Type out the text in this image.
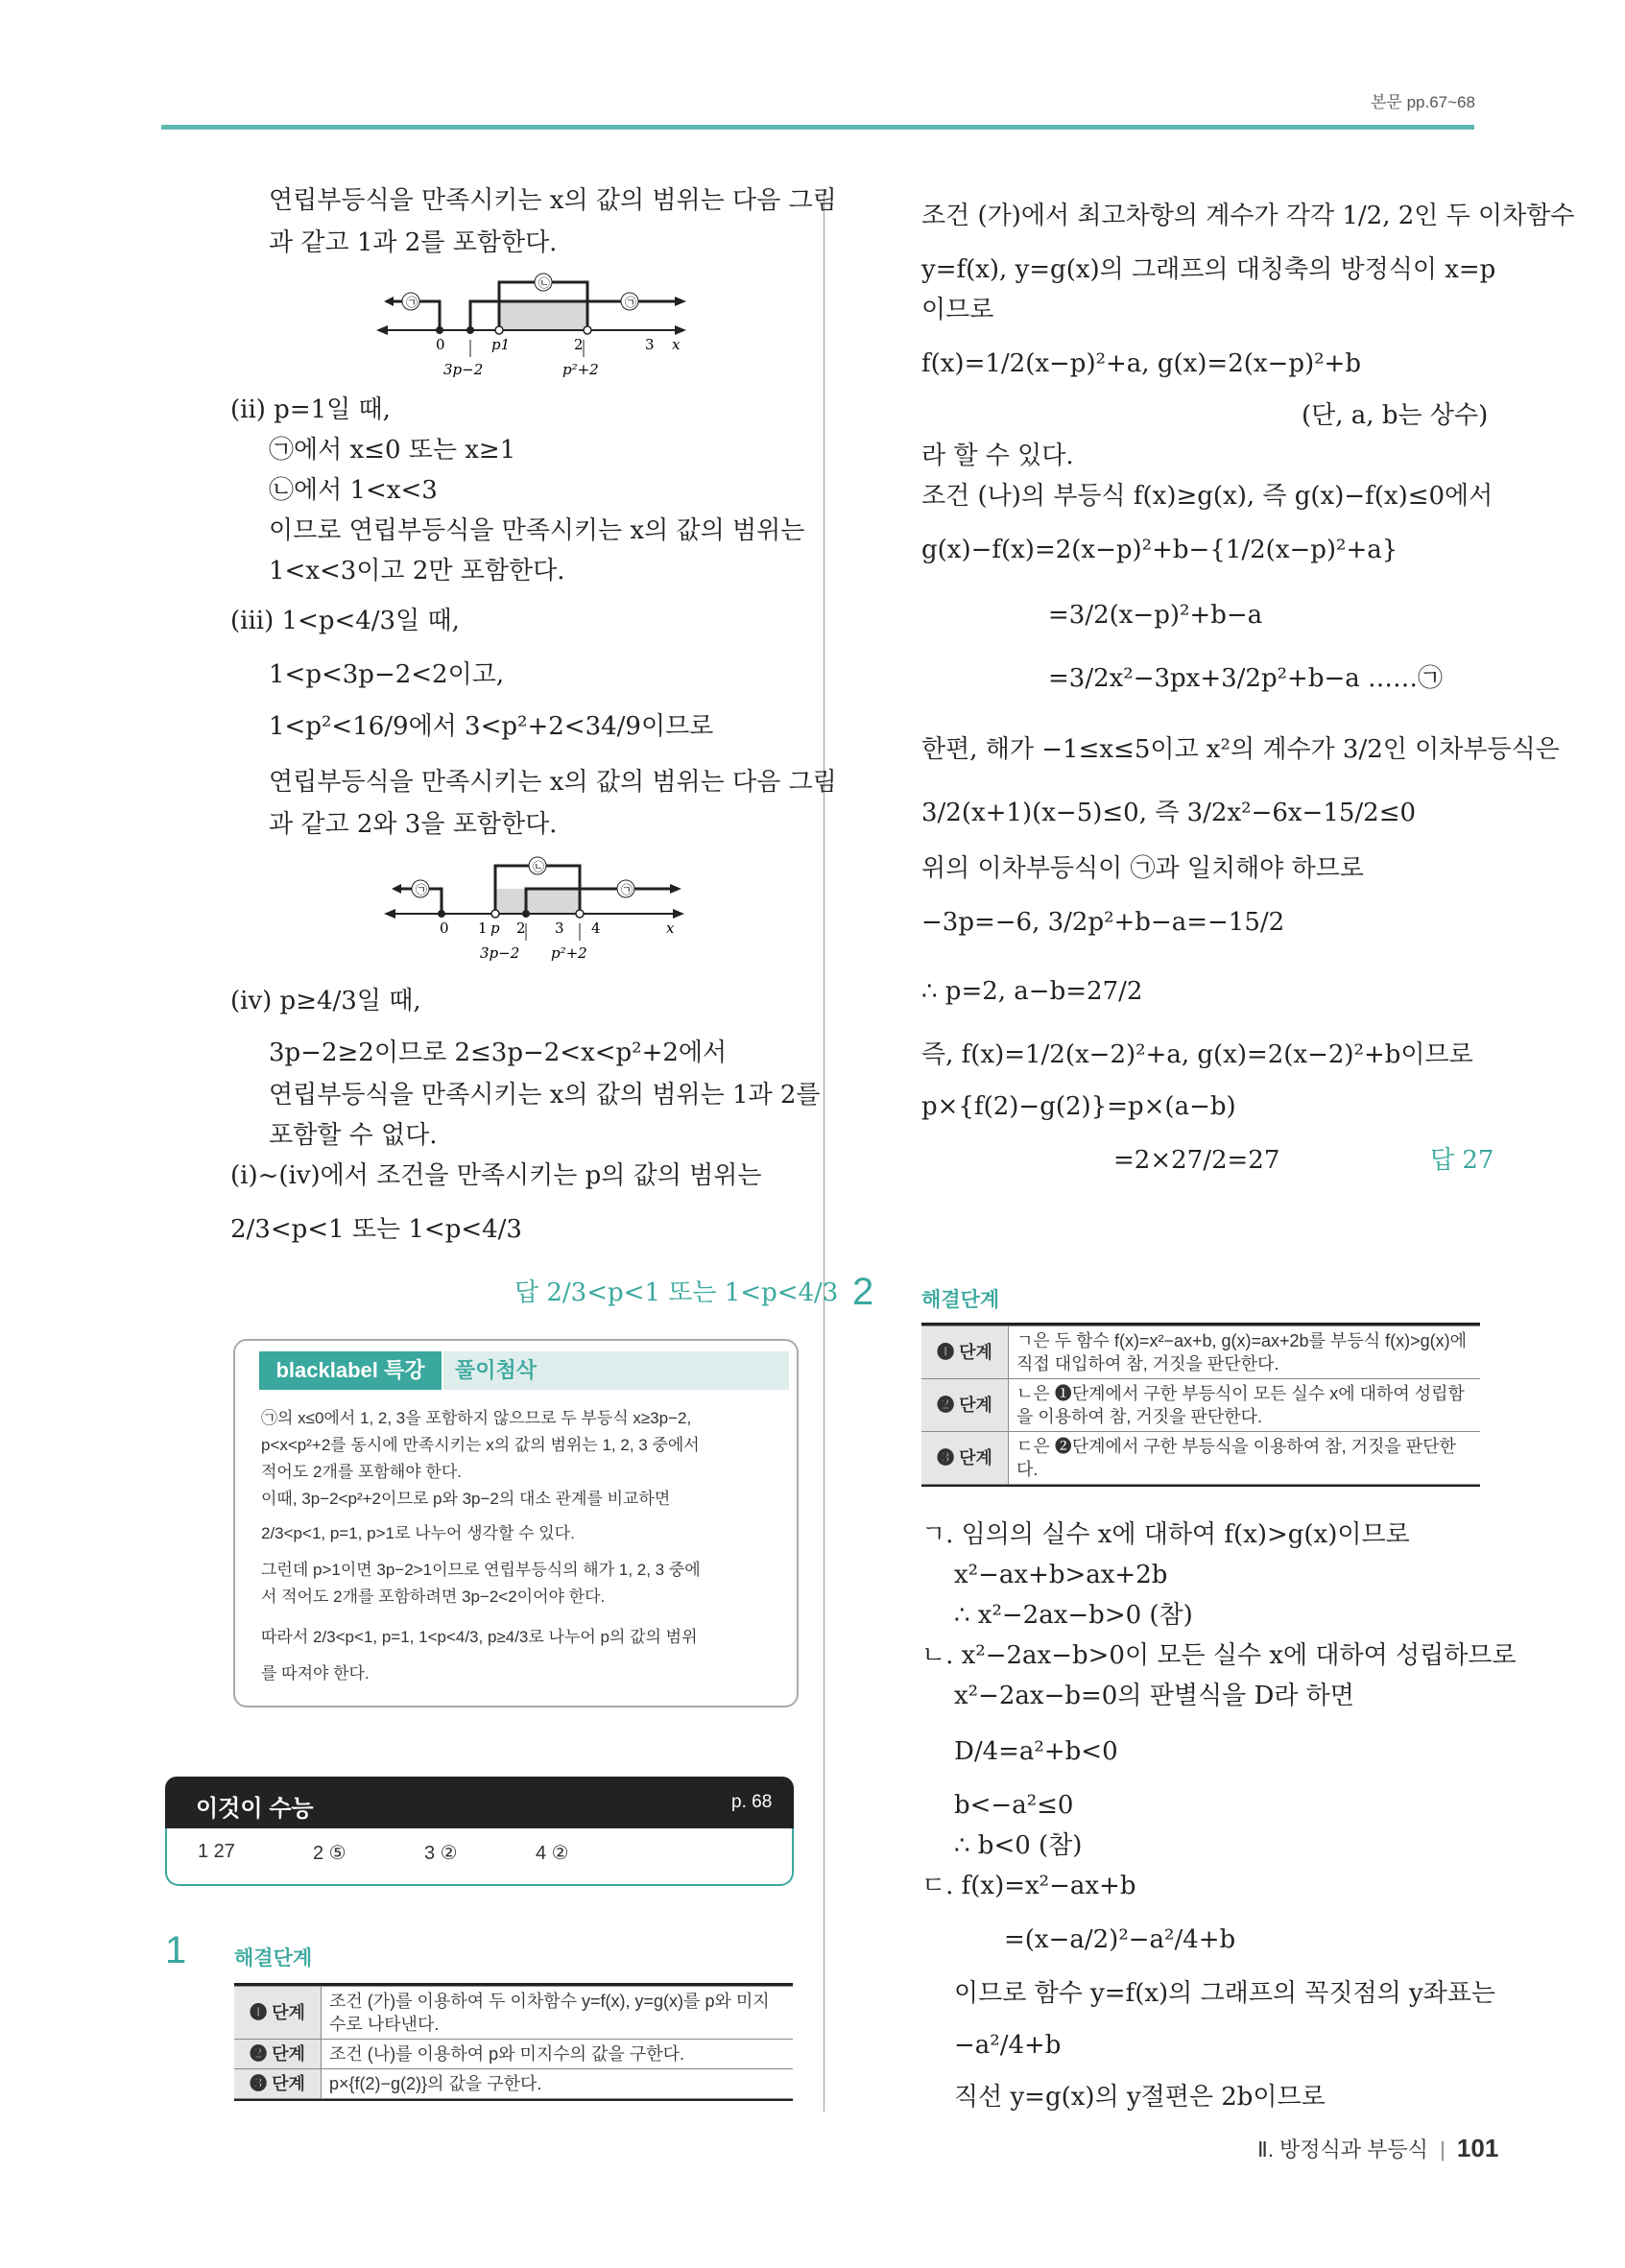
본문 pp.67~68
연립부등식을 만족시키는 x의 값의 범위는 다음 그림
과 같고 1과 2를 포함한다.
㉠
㉡
㉠
0	p1	2	3 x
3p−2	p²+2
(ii) p=1일 때,
㉠에서 x≤0 또는 x≥1
㉡에서 1<x<3
이므로 연립부등식을 만족시키는 x의 값의 범위는
1<x<3이고 2만 포함한다.
(iii) 1<p<4/3일 때,
1<p<3p−2<2이고,
1<p²<16/9에서 3<p²+2<34/9이므로
연립부등식을 만족시키는 x의 값의 범위는 다음 그림
과 같고 2와 3을 포함한다.
㉠
㉡
㉠
0 1 p 2 3 4	x
3p−2 p²+2
(iv) p≥4/3일 때,
3p−2≥2이므로 2≤3p−2<x<p²+2에서
연립부등식을 만족시키는 x의 값의 범위는 1과 2를
포함할 수 없다.
(i)~(iv)에서 조건을 만족시키는 p의 값의 범위는
2/3<p<1 또는 1<p<4/3
답 2/3<p<1 또는 1<p<4/3
blacklabel 특강	풀이첨삭
㉠의 x≤0에서 1, 2, 3을 포함하지 않으므로 두 부등식 x≥3p−2,
p<x<p²+2를 동시에 만족시키는 x의 값의 범위는 1, 2, 3 중에서
적어도 2개를 포함해야 한다.
이때, 3p−2<p²+2이므로 p와 3p−2의 대소 관계를 비교하면
2/3<p<1, p=1, p>1로 나누어 생각할 수 있다.
그런데 p>1이면 3p−2>1이므로 연립부등식의 해가 1, 2, 3 중에
서 적어도 2개를 포함하려면 3p−2<2이어야 한다.
따라서 2/3<p<1, p=1, 1<p<4/3, p≥4/3로 나누어 p의 값의 범위
를 따져야 한다.
이것이 수능	p. 68
1 27	2 ⑤	3 ②	4 ②
1 해결단계
❶ 단계	조건 (가)를 이용하여 두 이차함수 y=f(x), y=g(x)를 p와 미지수로 나타낸다.
❷ 단계	조건 (나)를 이용하여 p와 미지수의 값을 구한다.
❸ 단계	p×{f(2)−g(2)}의 값을 구한다.
조건 (가)에서 최고차항의 계수가 각각 1/2, 2인 두 이차함수
y=f(x), y=g(x)의 그래프의 대칭축의 방정식이 x=p
이므로
f(x)=1/2(x−p)²+a, g(x)=2(x−p)²+b
(단, a, b는 상수)
라 할 수 있다.
조건 (나)의 부등식 f(x)≥g(x), 즉 g(x)−f(x)≤0에서
g(x)−f(x)=2(x−p)²+b−{1/2(x−p)²+a}
=3/2(x−p)²+b−a
=3/2x²−3px+3/2p²+b−a ……㉠
한편, 해가 −1≤x≤5이고 x²의 계수가 3/2인 이차부등식은
3/2(x+1)(x−5)≤0, 즉 3/2x²−6x−15/2≤0
위의 이차부등식이 ㉠과 일치해야 하므로
−3p=−6, 3/2p²+b−a=−15/2
∴ p=2, a−b=27/2
즉, f(x)=1/2(x−2)²+a, g(x)=2(x−2)²+b이므로
p×{f(2)−g(2)}=p×(a−b)
=2×27/2=27	답 27
2 해결단계
❶ 단계	ㄱ은 두 함수 f(x)=x²−ax+b, g(x)=ax+2b를 부등식 f(x)>g(x)에 직접 대입하여 참, 거짓을 판단한다.
❷ 단계	ㄴ은 ❶단계에서 구한 부등식이 모든 실수 x에 대하여 성립함을 이용하여 참, 거짓을 판단한다.
❸ 단계	ㄷ은 ❷단계에서 구한 부등식을 이용하여 참, 거짓을 판단한다.
ㄱ. 임의의 실수 x에 대하여 f(x)>g(x)이므로
x²−ax+b>ax+2b
∴ x²−2ax−b>0 (참)
ㄴ. x²−2ax−b>0이 모든 실수 x에 대하여 성립하므로
x²−2ax−b=0의 판별식을 D라 하면
D/4=a²+b<0
b<−a²≤0
∴ b<0 (참)
ㄷ. f(x)=x²−ax+b
=(x−a/2)²−a²/4+b
이므로 함수 y=f(x)의 그래프의 꼭짓점의 y좌표는
−a²/4+b
직선 y=g(x)의 y절편은 2b이므로
Ⅱ. 방정식과 부등식 | 101
